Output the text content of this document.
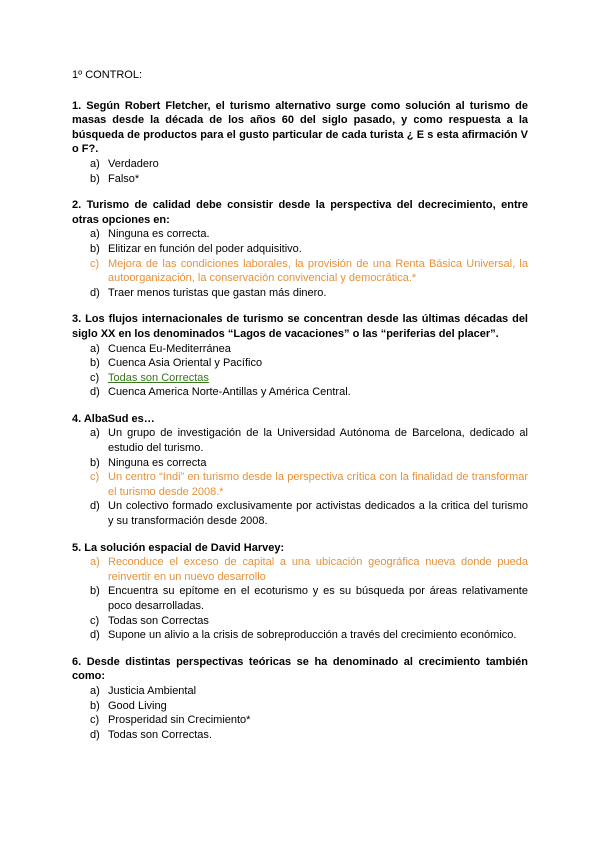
1º CONTROL:

1. Según Robert Fletcher, el turismo alternativo surge como solución al turismo de masas desde la década de los años 60 del siglo pasado, y como respuesta a la búsqueda de productos para el gusto particular de cada turista ¿ E s esta afirmación V o F?.

a) Verdadero
b) Falso*

2. Turismo de calidad debe consistir desde la perspectiva del decrecimiento, entre otras opciones en:

a) Ninguna es correcta.
b) Elitizar en función del poder adquisitivo.
c) Mejora de las condiciones laborales, la provisión de una Renta Básica Universal, la autoorganización, la conservación convivencial y democrática.*
d) Traer menos turistas que gastan más dinero.

3. Los flujos internacionales de turismo se concentran desde las últimas décadas del siglo XX en los denominados “Lagos de vacaciones” o las “periferias del placer”.

a) Cuenca Eu-Mediterránea
b) Cuenca Asia Oriental y Pacífico
c) Todas son Correctas
d) Cuenca America Norte-Antillas y América Central.

4. AlbaSud es…

a) Un grupo de investigación de la Universidad Autónoma de Barcelona, dedicado al estudio del turismo.
b) Ninguna es correcta
c) Un centro “Indi” en turismo desde la perspectiva crítica con la finalidad de transformar el turismo desde 2008.*
d) Un colectivo formado exclusivamente por activistas dedicados a la critica del turismo y su transformación desde 2008.

5. La solución espacial de David Harvey:

a) Reconduce el exceso de capital a una ubicación geográfica nueva donde pueda reinvertir en un nuevo desarrollo
b) Encuentra su epítome en el ecoturismo y es su búsqueda por áreas relativamente poco desarrolladas.
c) Todas son Correctas
d) Supone un alivio a la crisis de sobreproducción a través del crecimiento económico.

6. Desde distintas perspectivas teóricas se ha denominado al crecimiento también como:

a) Justicia Ambiental
b) Good Living
c) Prosperidad sin Crecimiento*
d) Todas son Correctas.
